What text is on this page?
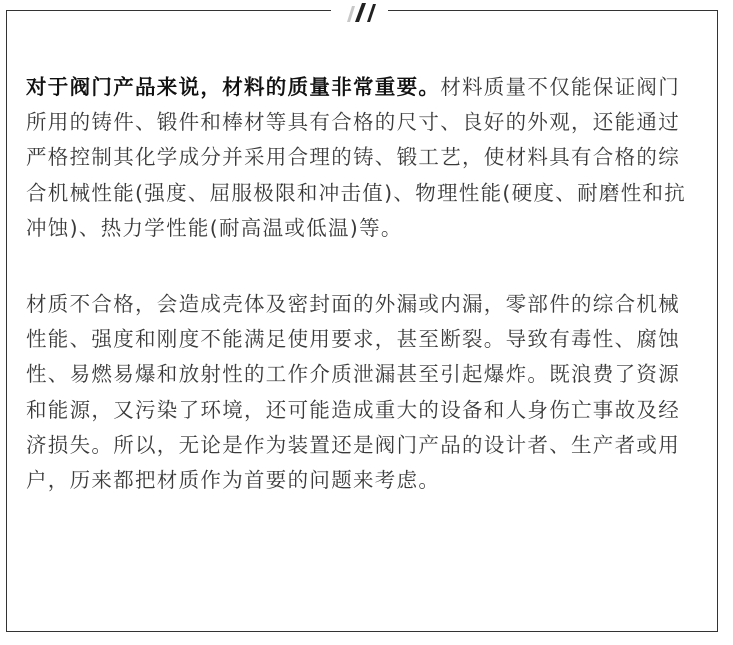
对于阀门产品来说，材料的质量非常重要。材料质量不仅能保证阀门所用的铸件、锻件和棒材等具有合格的尺寸、良好的外观，还能通过严格控制其化学成分并采用合理的铸、锻工艺，使材料具有合格的综合机械性能(强度、屈服极限和冲击值)、物理性能(硬度、耐磨性和抗冲蚀)、热力学性能(耐高温或低温)等。

材质不合格，会造成壳体及密封面的外漏或内漏，零部件的综合机械性能、强度和刚度不能满足使用要求，甚至断裂。导致有毒性、腐蚀性、易燃易爆和放射性的工作介质泄漏甚至引起爆炸。既浪费了资源和能源，又污染了环境，还可能造成重大的设备和人身伤亡事故及经济损失。所以，无论是作为装置还是阀门产品的设计者、生产者或用户，历来都把材质作为首要的问题来考虑。
